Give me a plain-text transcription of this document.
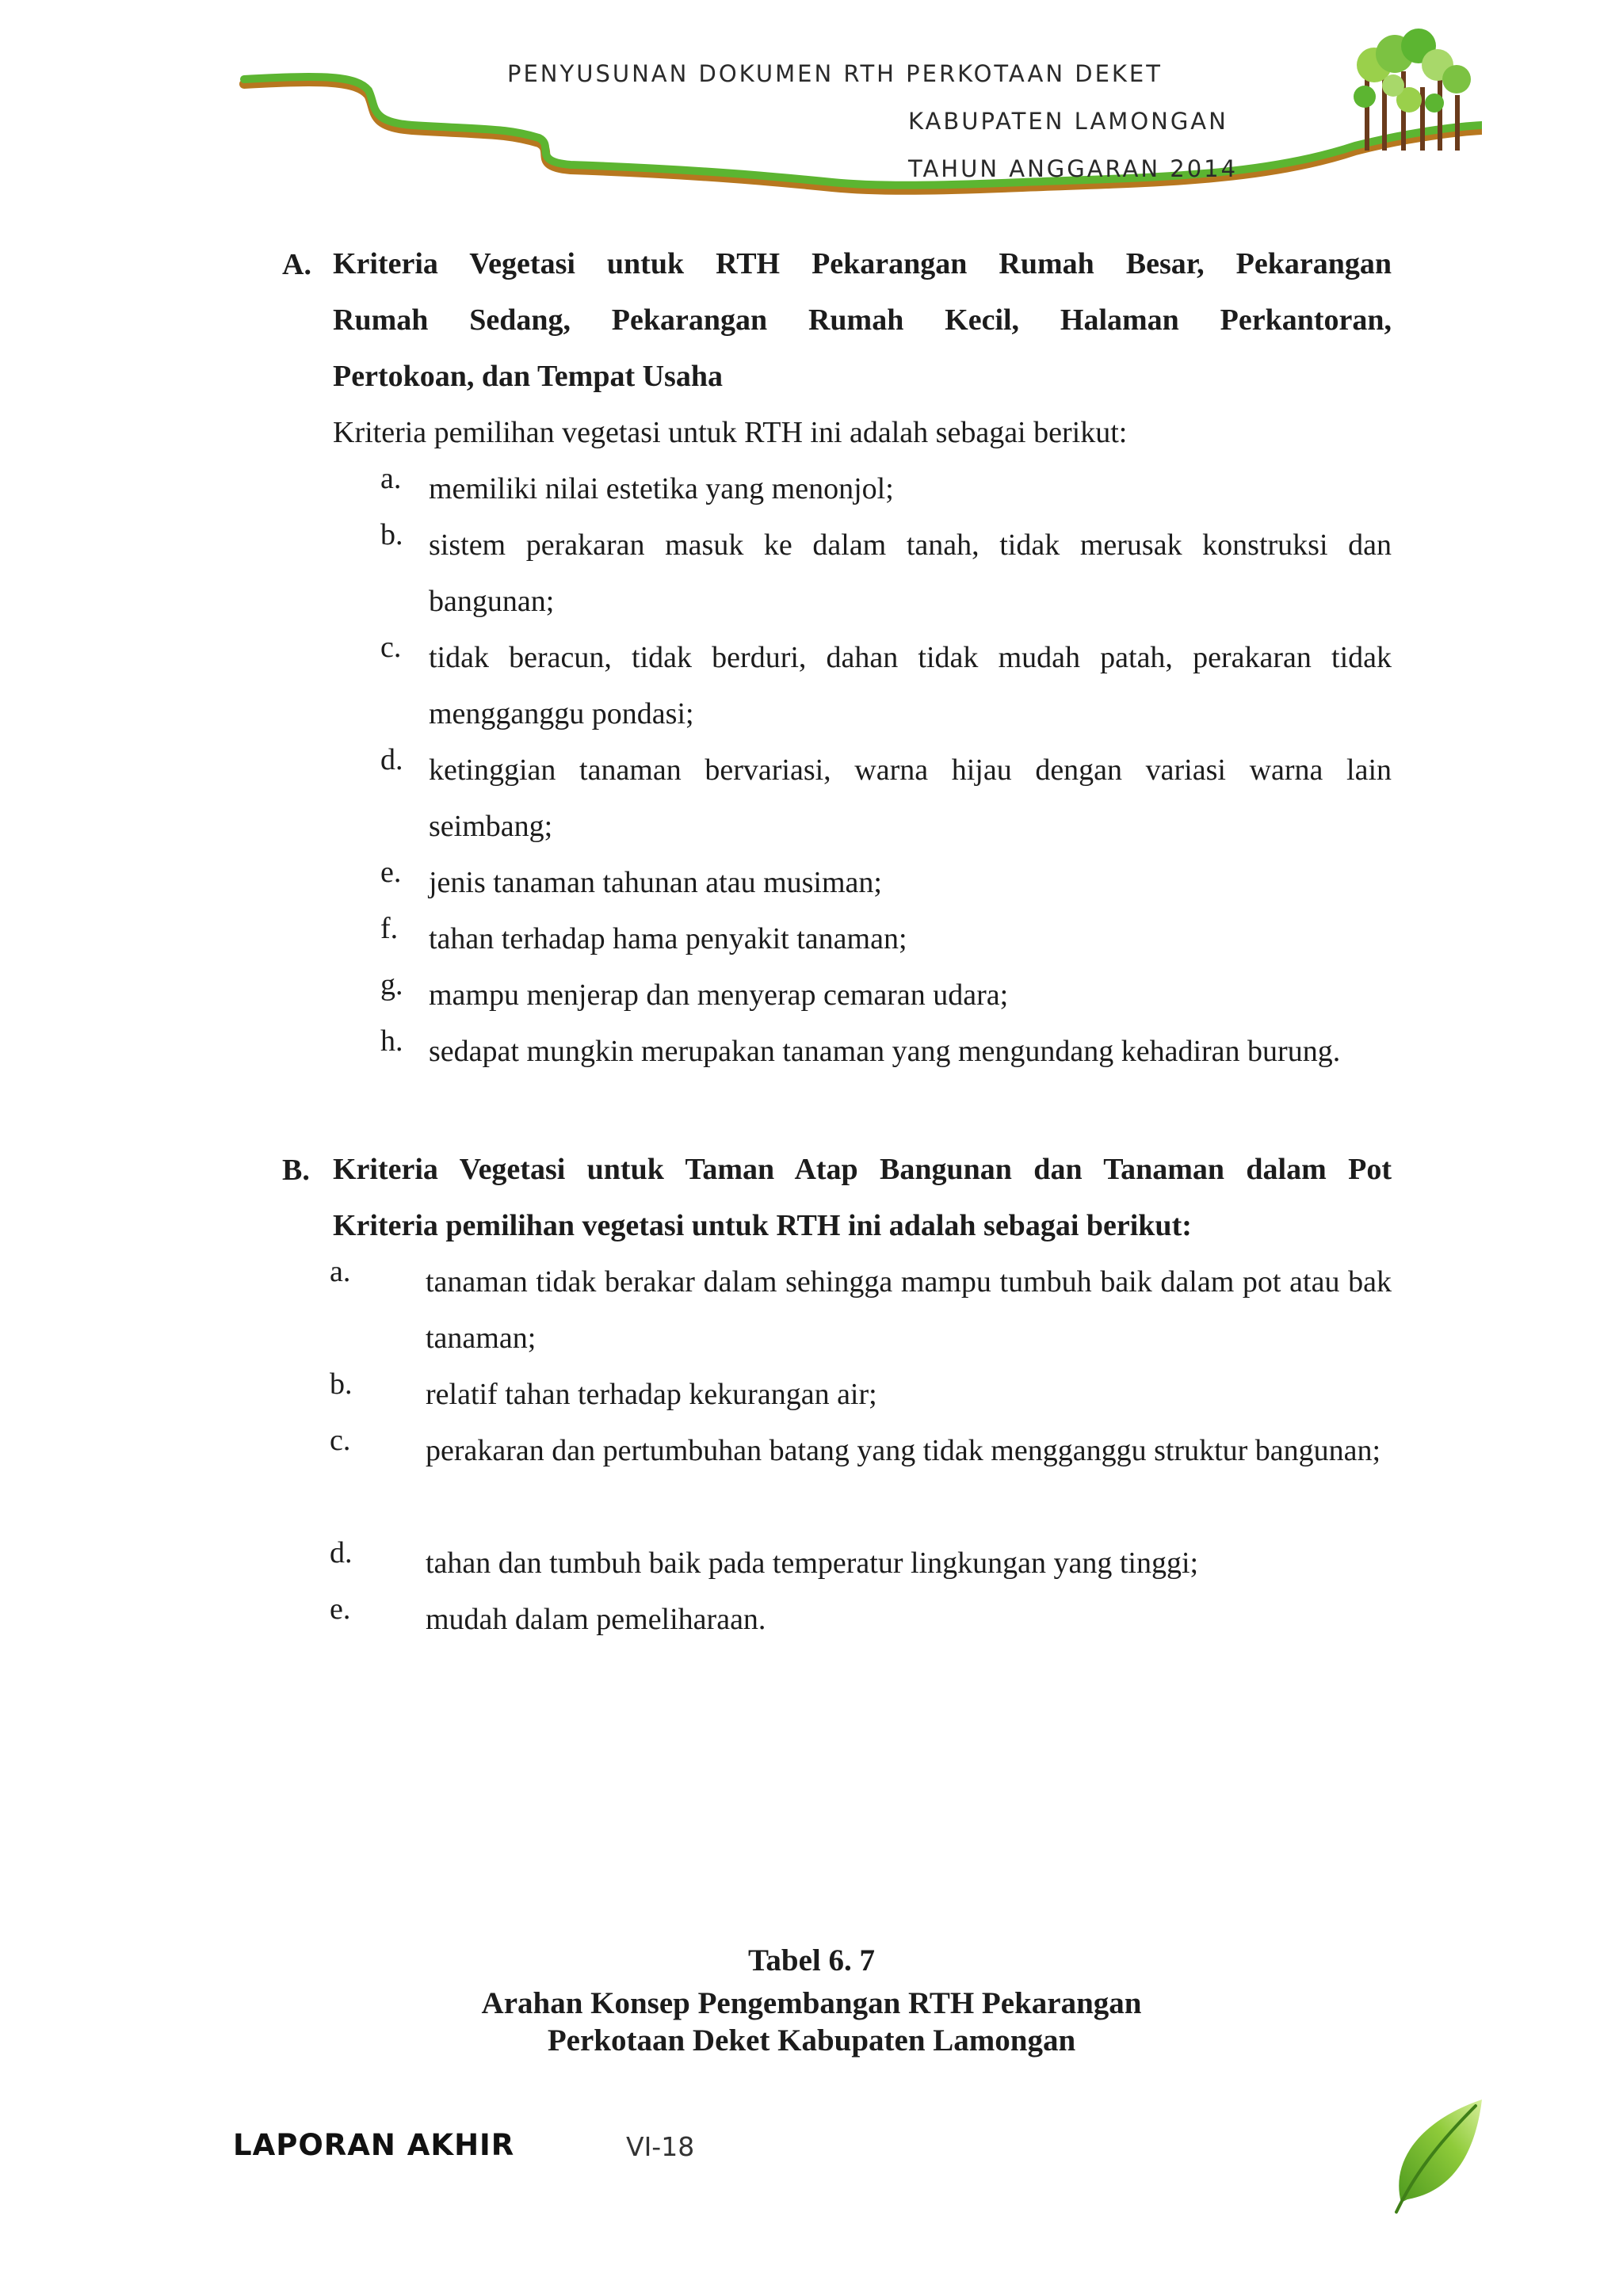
PENYUSUNAN DOKUMEN RTH PERKOTAAN DEKET
KABUPATEN LAMONGAN
TAHUN ANGGARAN 2014
A. Kriteria Vegetasi untuk RTH Pekarangan Rumah Besar, Pekarangan
Rumah Sedang, Pekarangan Rumah Kecil, Halaman Perkantoran,
Pertokoan, dan Tempat Usaha
Kriteria pemilihan vegetasi untuk RTH ini adalah sebagai berikut:
a. memiliki nilai estetika yang menonjol;
b. sistem perakaran masuk ke dalam tanah, tidak merusak konstruksi dan bangunan;
c. tidak beracun, tidak berduri, dahan tidak mudah patah, perakaran tidak mengganggu pondasi;
d. ketinggian tanaman bervariasi, warna hijau dengan variasi warna lain seimbang;
e. jenis tanaman tahunan atau musiman;
f. tahan terhadap hama penyakit tanaman;
g. mampu menjerap dan menyerap cemaran udara;
h. sedapat mungkin merupakan tanaman yang mengundang kehadiran burung.
B. Kriteria Vegetasi untuk Taman Atap Bangunan dan Tanaman dalam Pot
Kriteria pemilihan vegetasi untuk RTH ini adalah sebagai berikut:
a. tanaman tidak berakar dalam sehingga mampu tumbuh baik dalam pot atau bak tanaman;
b. relatif tahan terhadap kekurangan air;
c. perakaran dan pertumbuhan batang yang tidak mengganggu struktur bangunan;
d. tahan dan tumbuh baik pada temperatur lingkungan yang tinggi;
e. mudah dalam pemeliharaan.
Tabel 6. 7
Arahan Konsep Pengembangan RTH Pekarangan
Perkotaan Deket Kabupaten Lamongan
LAPORAN AKHIR	VI-18
